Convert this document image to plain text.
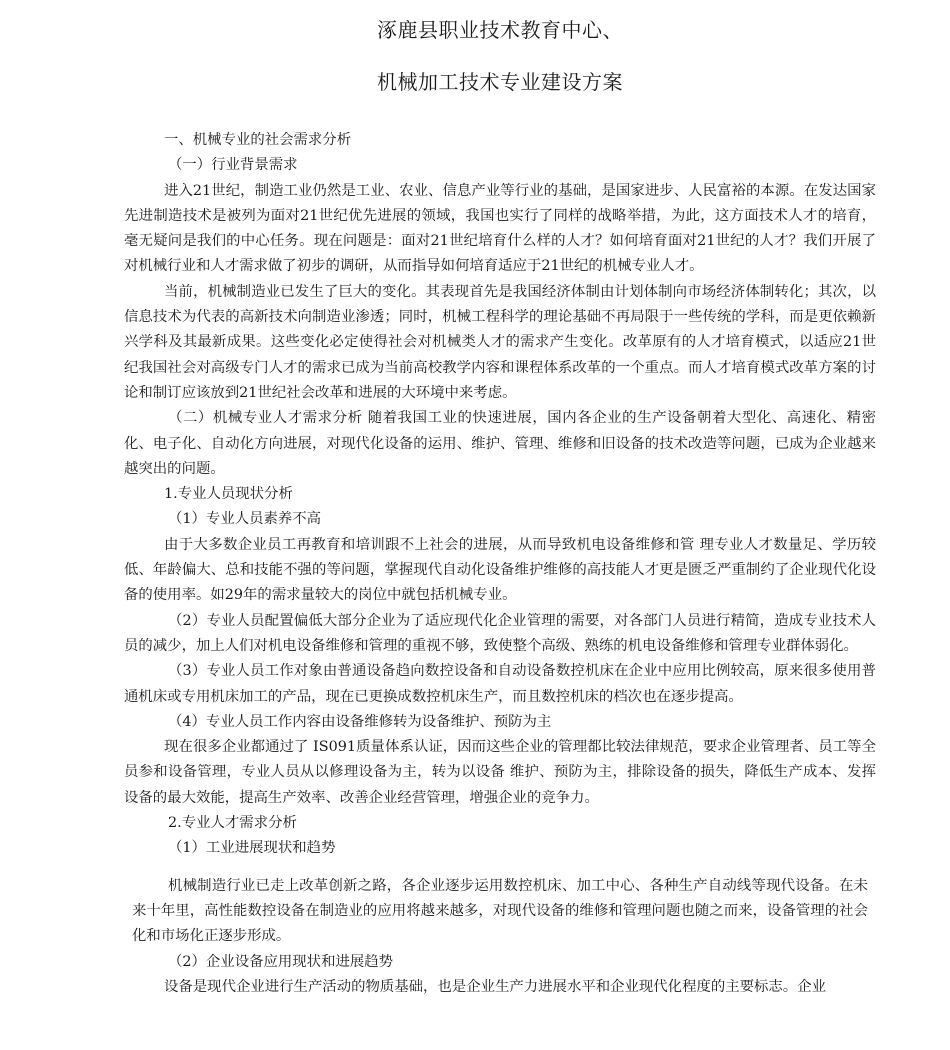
涿鹿县职业技术教育中心、
机械加工技术专业建设方案

一、机械专业的社会需求分析

（一）行业背景需求

进入21世纪，制造工业仍然是工业、农业、信息产业等行业的基础，是国家进步、人民富裕的本源。在发达国家先进制造技术是被列为面对21世纪优先进展的领域，我国也实行了同样的战略举措，为此，这方面技术人才的培育，毫无疑问是我们的中心任务。现在问题是：面对21世纪培育什么样的人才？如何培育面对21世纪的人才？我们开展了对机械行业和人才需求做了初步的调研，从而指导如何培育适应于21世纪的机械专业人才。

当前，机械制造业已发生了巨大的变化。其表现首先是我国经济体制由计划体制向市场经济体制转化；其次，以信息技术为代表的高新技术向制造业渗透；同时，机械工程科学的理论基础不再局限于一些传统的学科，而是更依赖新兴学科及其最新成果。这些变化必定使得社会对机械类人才的需求产生变化。改革原有的人才培育模式，以适应21世纪我国社会对高级专门人才的需求已成为当前高校教学内容和课程体系改革的一个重点。而人才培育模式改革方案的讨论和制订应该放到21世纪社会改革和进展的大环境中来考虑。

（二）机械专业人才需求分析 随着我国工业的快速进展，国内各企业的生产设备朝着大型化、高速化、精密化、电子化、自动化方向进展，对现代化设备的运用、维护、管理、维修和旧设备的技术改造等问题，已成为企业越来越突出的问题。

1.专业人员现状分析

（1）专业人员素养不高

由于大多数企业员工再教育和培训跟不上社会的进展，从而导致机电设备维修和管 理专业人才数量足、学历较低、年龄偏大、总和技能不强的等问题，掌握现代自动化设备维护维修的高技能人才更是匮乏严重制约了企业现代化设备的使用率。如29年的需求量较大的岗位中就包括机械专业。

（2）专业人员配置偏低大部分企业为了适应现代化企业管理的需要，对各部门人员进行精简，造成专业技术人员的减少，加上人们对机电设备维修和管理的重视不够，致使整个高级、熟练的机电设备维修和管理专业群体弱化。

（3）专业人员工作对象由普通设备趋向数控设备和自动设备数控机床在企业中应用比例较高，原来很多使用普通机床或专用机床加工的产品，现在已更换成数控机床生产，而且数控机床的档次也在逐步提高。

（4）专业人员工作内容由设备维修转为设备维护、预防为主

现在很多企业都通过了 IS091质量体系认证，因而这些企业的管理都比较法律规范，要求企业管理者、员工等全员参和设备管理，专业人员从以修理设备为主，转为以设备 维护、预防为主，排除设备的损失，降低生产成本、发挥设备的最大效能，提高生产效率、改善企业经营管理，增强企业的竞争力。

2.专业人才需求分析

（1）工业进展现状和趋势

机械制造行业已走上改革创新之路，各企业逐步运用数控机床、加工中心、各种生产自动线等现代设备。在未来十年里，高性能数控设备在制造业的应用将越来越多，对现代设备的维修和管理问题也随之而来，设备管理的社会化和市场化正逐步形成。

（2）企业设备应用现状和进展趋势

设备是现代企业进行生产活动的物质基础，也是企业生产力进展水平和企业现代化程度的主要标志。企业
